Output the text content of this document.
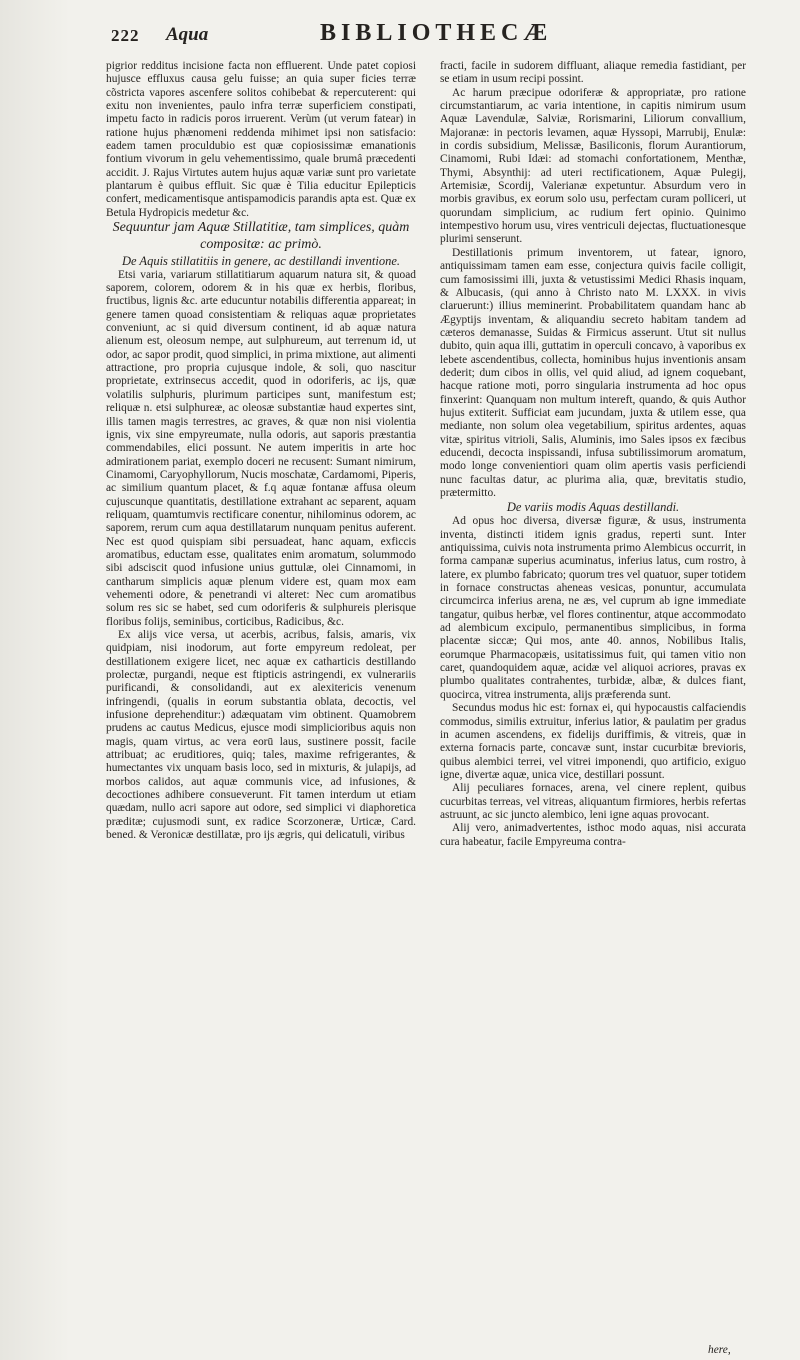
222 Aqua	BIBLIOTHECÆ

pigrior redditus incisione facta non effluerent. Unde patet copiosi hujusce effluxus causa gelu fuisse; an quia super ficies terræ cõstricta vapores ascenfere solitos cohibebat & repercuterent: qui exitu non invenientes, paulo infra terræ superficiem constipati, impetu facto in radicis poros irruerent. Verùm (ut verum fatear) in ratione hujus phænomeni reddenda mihimet ipsi non satisfacio: eadem tamen proculdubio est quæ copiosissimæ emanationis fontium vivorum in gelu vehementissimo, quale brumâ præcedenti accidit. J. Rajus Virtutes autem hujus aquæ variæ sunt pro varietate plantarum è quibus effluit. Sic quæ è Tilia educitur Epilepticis confert, medicamentisque antispamodicis parandis apta est. Quæ ex Betula Hydropicis medetur &c.

Sequuntur jam Aquæ Stillatitiæ, tam simplices, quàm compositæ: ac primò.

De Aquis stillatitiis in genere, ac destillandi inventione.

Etsi varia, variarum stillatitiarum aquarum natura sit, & quoad saporem, colorem, odorem & in his quæ ex herbis, floribus, fructibus, lignis &c. arte educuntur notabilis differentia appareat; in genere tamen quoad consistentiam & reliquas aquæ proprietates conveniunt, ac si quid diversum continent, id ab aquæ natura alienum est, oleosum nempe, aut sulphureum, aut terrenum id, ut odor, ac sapor prodit, quod simplici, in prima mixtione, aut alimenti attractione, pro propria cujusque indole, & soli, quo nascitur proprietate, extrinsecus accedit, quod in odoriferis, ac ijs, quæ volatilis sulphuris, plurimum participes sunt, manifestum est; reliquæ n. etsi sulphureæ, ac oleosæ substantiæ haud expertes sint, illis tamen magis terrestres, ac graves, & quæ non nisi violentia ignis, vix sine empyreumate, nulla odoris, aut saporis præstantia commendabiles, elici possunt. Ne autem imperitis in arte hoc admirationem pariat, exemplo doceri ne recusent: Sumant nimirum, Cinamomi, Caryophyllorum, Nucis moschatæ, Cardamomi, Piperis, ac similium quantum placet, & f.q aquæ fontanæ affusa oleum cujuscunque quantitatis, destillatione extrahant ac separent, aquam reliquam, quamtumvis rectificare conentur, nihilominus odorem, ac saporem, rerum cum aqua destillatarum nunquam penitus auferent. Nec est quod quispiam sibi persuadeat, hanc aquam, exficcis aromatibus, eductam esse, qualitates enim aromatum, solummodo sibi adsciscit quod infusione unius guttulæ, olei Cinnamomi, in cantharum simplicis aquæ plenum videre est, quam mox eam vehementi odore, & penetrandi vi alteret: Nec cum aromatibus solum res sic se habet, sed cum odoriferis & sulphureis plerisque floribus folijs, seminibus, corticibus, Radicibus, &c.

Ex alijs vice versa, ut acerbis, acribus, falsis, amaris, vix quidpiam, nisi inodorum, aut forte empyreum redoleat, per destillationem exigere licet, nec aquæ ex catharticis destillando prolectæ, purgandi, neque est ftipticis astringendi, ex vulnerariis purificandi, & consolidandi, aut ex alexitericis venenum infringendi, (qualis in eorum substantia oblata, decoctis, vel infusione deprehenditur:) adæquatam vim obtinent. Quamobrem prudens ac cautus Medicus, ejusce modi simplicioribus aquis non magis, quam virtus, ac vera eorū laus, sustinere possit, facile attribuat; ac eruditiores, quiq; tales, maxime refrigerantes, & humectantes vix unquam basis loco, sed in mixturis, & julapijs, ad morbos calidos, aut aquæ communis vice, ad infusiones, & decoctiones adhibere consueverunt. Fit tamen interdum ut etiam quædam, nullo acri sapore aut odore, sed simplici vi diaphoretica præditæ; cujusmodi sunt, ex radice Scorzoneræ, Urticæ, Card. bened. & Veronicæ destillatæ, pro ijs ægris, qui delicatuli, viribus

fracti, facile in sudorem diffluant, aliaque remedia fastidiant, per se etiam in usum recipi possint.

Ac harum præcipue odoriferæ & appropriatæ, pro ratione circumstantiarum, ac varia intentione, in capitis nimirum usum Aquæ Lavendulæ, Salviæ, Rorismarini, Liliorum convallium, Majoranæ: in pectoris levamen, aquæ Hyssopi, Marrubij, Enulæ: in cordis subsidium, Melissæ, Basiliconis, florum Aurantiorum, Cinamomi, Rubi Idæi: ad stomachi confortationem, Menthæ, Thymi, Absynthij: ad uteri rectificationem, Aquæ Pulegij, Artemisiæ, Scordij, Valerianæ expetuntur. Absurdum vero in morbis gravibus, ex eorum solo usu, perfectam curam polliceri, ut quorundam simplicium, ac rudium fert opinio. Quinimo intempestivo horum usu, vires ventriculi dejectas, fluctuationesque plurimi senserunt.

Destillationis primum inventorem, ut fatear, ignoro, antiquissimam tamen eam esse, conjectura quivis facile colligit, cum famosissimi illi, juxta & vetustissimi Medici Rhasis inquam, & Albucasis, (qui anno à Christo nato M. LXXX. in vivis claruerunt:) illius meminerint. Probabilitatem quandam hanc ab Ægyptijs inventam, & aliquandiu secreto habitam tandem ad cæteros demanasse, Suidas & Firmicus asserunt. Utut sit nullus dubito, quin aqua illi, guttatim in operculi concavo, à vaporibus ex lebete ascendentibus, collecta, hominibus hujus inventionis ansam dederit; dum cibos in ollis, vel quid aliud, ad ignem coquebant, hacque ratione moti, porro singularia instrumenta ad hoc opus finxerint: Quanquam non multum intereft, quando, & quis Author hujus extiterit. Sufficiat eam jucundam, juxta & utilem esse, qua mediante, non solum olea vegetabilium, spiritus ardentes, aquas vitæ, spiritus vitrioli, Salis, Aluminis, imo Sales ipsos ex fæcibus educendi, decocta inspissandi, infusa subtilissimorum aromatum, modo longe convenientiori quam olim apertis vasis perficiendi nunc facultas datur, ac plurima alia, quæ, brevitatis studio, prætermitto.

De variis modis Aquas destillandi.

Ad opus hoc diversa, diversæ figuræ, & usus, instrumenta inventa, distincti itidem ignis gradus, reperti sunt. Inter antiquissima, cuivis nota instrumenta primo Alembicus occurrit, in forma campanæ superius acuminatus, inferius latus, cum rostro, à latere, ex plumbo fabricato; quorum tres vel quatuor, super totidem in fornace constructas aheneas vesicas, ponuntur, accumulata circumcirca inferius arena, ne æs, vel cuprum ab igne immediate tangatur, quibus herbæ, vel flores continentur, atque accommodato ad alembicum excipulo, permanentibus simplicibus, in forma placentæ siccæ; Qui mos, ante 40. annos, Nobilibus Italis, eorumque Pharmacopæis, usitatissimus fuit, qui tamen vitio non caret, quandoquidem aquæ, acidæ vel aliquoi acriores, pravas ex plumbo qualitates contrahentes, turbidæ, albæ, & dulces fiant, quocirca, vitrea instrumenta, alijs præferenda sunt.

Secundus modus hic est: fornax ei, qui hypocaustis calfaciendis commodus, similis extruitur, inferius latior, & paulatim per gradus in acumen ascendens, ex fidelijs duriffimis, & vitreis, quæ in externa fornacis parte, concavæ sunt, instar cucurbitæ brevioris, quibus alembici terrei, vel vitrei imponendi, quo artificio, exiguo igne, divertæ aquæ, unica vice, destillari possunt.

Alij peculiares fornaces, arena, vel cinere replent, quibus cucurbitas terreas, vel vitreas, aliquantum firmiores, herbis refertas astruunt, ac sic juncto alembico, leni igne aquas provocant.

Alij vero, animadvertentes, isthoc modo aquas, nisi accurata cura habeatur, facile Empyreuma contra-

here,
